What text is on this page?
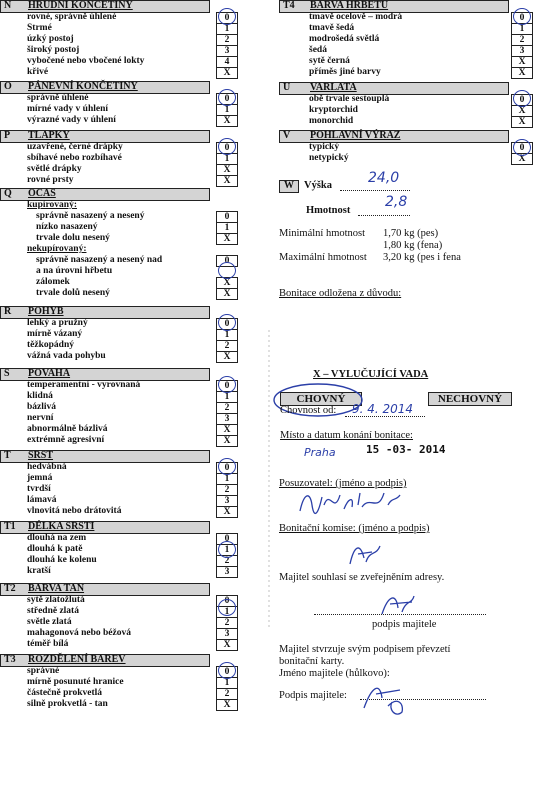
N HRUDNÍ KONČETINY
rovné, správně úhlené	0
Strmé	1
úzký postoj	2
široký postoj	3
vybočené nebo vbočené lokty	4
křivé	X
O PÁNEVNÍ KONČETINY
správně úhlené	0
mírné vady v úhlení	1
výrazné vady v úhlení	X
P TLAPKY
uzavřené, černé drápky	0
sbíhavé nebo rozbíhavé	1
světlé drápky	X
rovné prsty	X
Q OCAS
kupírovaný:
správně nasazený a nesený	0
nízko nasazený	1
trvale dolu nesený	X
nekupírovaný:
správně nasazený a nesený nad	0
a na úrovni hřbetu
zálomek	X
trvale dolů nesený	X
R POHYB
lehký a pružný	0
mírně vázaný	1
těžkopádný	2
vážná vada pohybu	X
S POVAHA
temperamentní - vyrovnaná	0
klidná	1
bázlivá	2
nervní	3
abnormálně bázlivá	X
extrémně agresivní	X
T SRST
hedvábná	0
jemná	1
tvrdší	2
lámavá	3
vlnovitá nebo drátovitá	X
T1 DÉLKA SRSTI
dlouhá na zem	0
dlouhá k patě	1
dlouhá ke kolenu	2
kratší	3
T2 BARVA TAN
sytě zlatožlutá	0
středně zlatá	1
světle zlatá	2
mahagonová nebo béžová	3
téměř bílá	X
T3 ROZDĚLENÍ BAREV
správné	0
mírně posunuté hranice	1
částečně prokvetlá	2
silně prokvetlá - tan	X
T4 BARVA HŘBETU
tmavě ocelově – modrá	0
tmavě šedá	1
modrošedá světlá	2
šedá	3
sytě černá	X
příměs jiné barvy	X
U VARLATA
obě trvale sestouplá	0
kryptorchid	X
monorchid	X
V POHLAVNÍ VÝRAZ
typický	0
netypický	X
W Výška	24,0
Hmotnost
2,8
Minimální hmotnost 1,70 kg (pes)
1,80 kg (fena)
Maximální hmotnost 3,20 kg (pes i fena
Bonitace odložena z důvodu:
X – VYLUČUJÍCÍ VADA
CHOVNÝ	NECHOVNÝ
Chovnost od: 9. 4. 2014
Místo a datum konání bonitace:
Praha	15 -03- 2014
Posuzovatel: (jméno a podpis)
Bonitační komise: (jméno a podpis)
Majitel souhlasí se zveřejněním adresy.
podpis majitele
Majitel stvrzuje svým podpisem převzetí
bonitační karty.
Jméno majitele (hůlkovo):
Podpis majitele:
